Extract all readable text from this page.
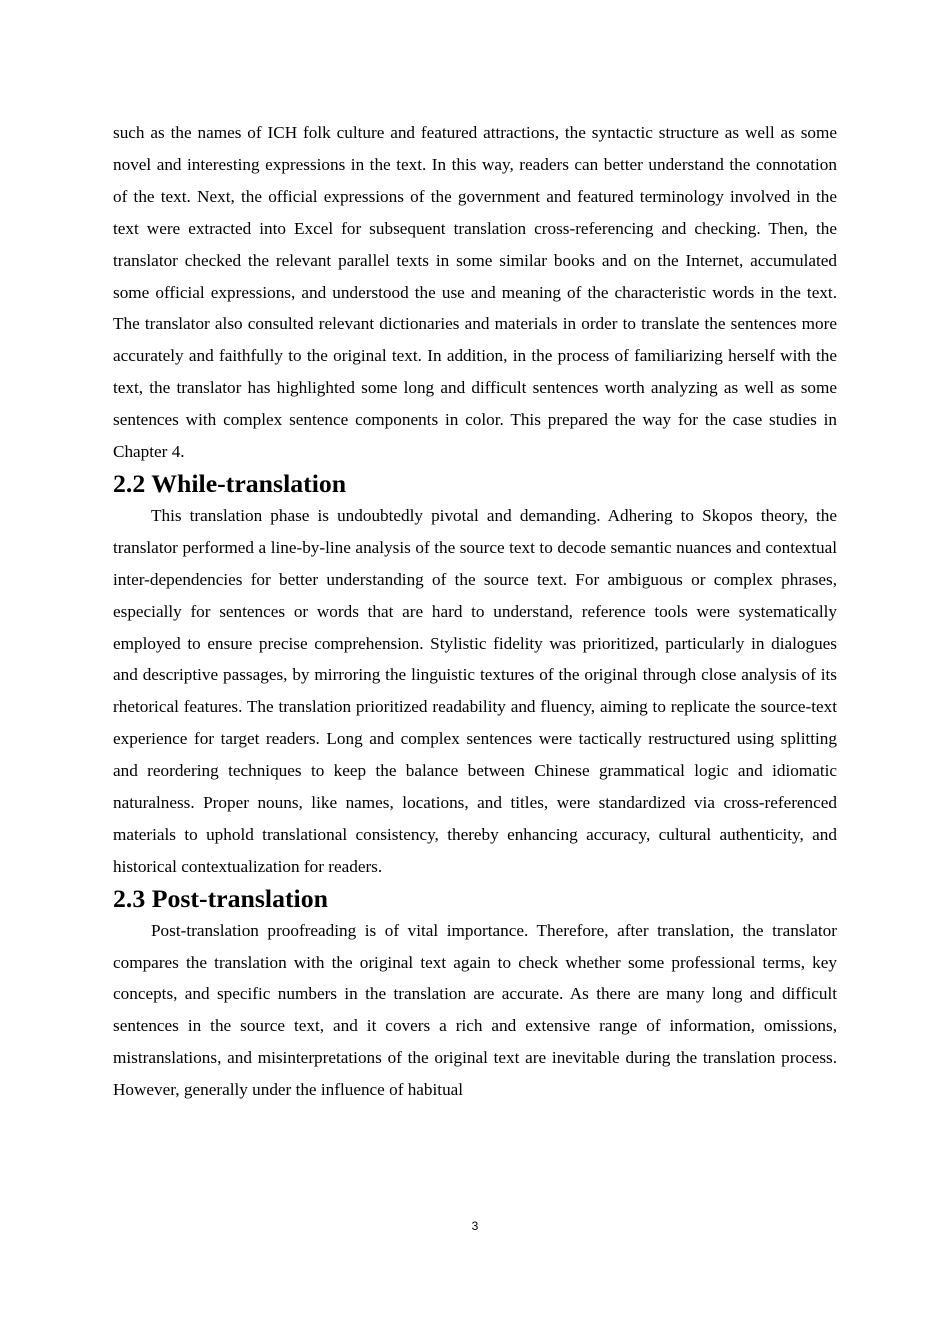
such as the names of ICH folk culture and featured attractions, the syntactic structure as well as some novel and interesting expressions in the text. In this way, readers can better understand the connotation of the text. Next, the official expressions of the government and featured terminology involved in the text were extracted into Excel for subsequent translation cross-referencing and checking. Then, the translator checked the relevant parallel texts in some similar books and on the Internet, accumulated some official expressions, and understood the use and meaning of the characteristic words in the text. The translator also consulted relevant dictionaries and materials in order to translate the sentences more accurately and faithfully to the original text. In addition, in the process of familiarizing herself with the text, the translator has highlighted some long and difficult sentences worth analyzing as well as some sentences with complex sentence components in color. This prepared the way for the case studies in Chapter 4.

2.2 While-translation

This translation phase is undoubtedly pivotal and demanding. Adhering to Skopos theory, the translator performed a line-by-line analysis of the source text to decode semantic nuances and contextual inter-dependencies for better understanding of the source text. For ambiguous or complex phrases, especially for sentences or words that are hard to understand, reference tools were systematically employed to ensure precise comprehension. Stylistic fidelity was prioritized, particularly in dialogues and descriptive passages, by mirroring the linguistic textures of the original through close analysis of its rhetorical features. The translation prioritized readability and fluency, aiming to replicate the source-text experience for target readers. Long and complex sentences were tactically restructured using splitting and reordering techniques to keep the balance between Chinese grammatical logic and idiomatic naturalness. Proper nouns, like names, locations, and titles, were standardized via cross-referenced materials to uphold translational consistency, thereby enhancing accuracy, cultural authenticity, and historical contextualization for readers.

2.3 Post-translation

Post-translation proofreading is of vital importance. Therefore, after translation, the translator compares the translation with the original text again to check whether some professional terms, key concepts, and specific numbers in the translation are accurate. As there are many long and difficult sentences in the source text, and it covers a rich and extensive range of information, omissions, mistranslations, and misinterpretations of the original text are inevitable during the translation process. However, generally under the influence of habitual

3
